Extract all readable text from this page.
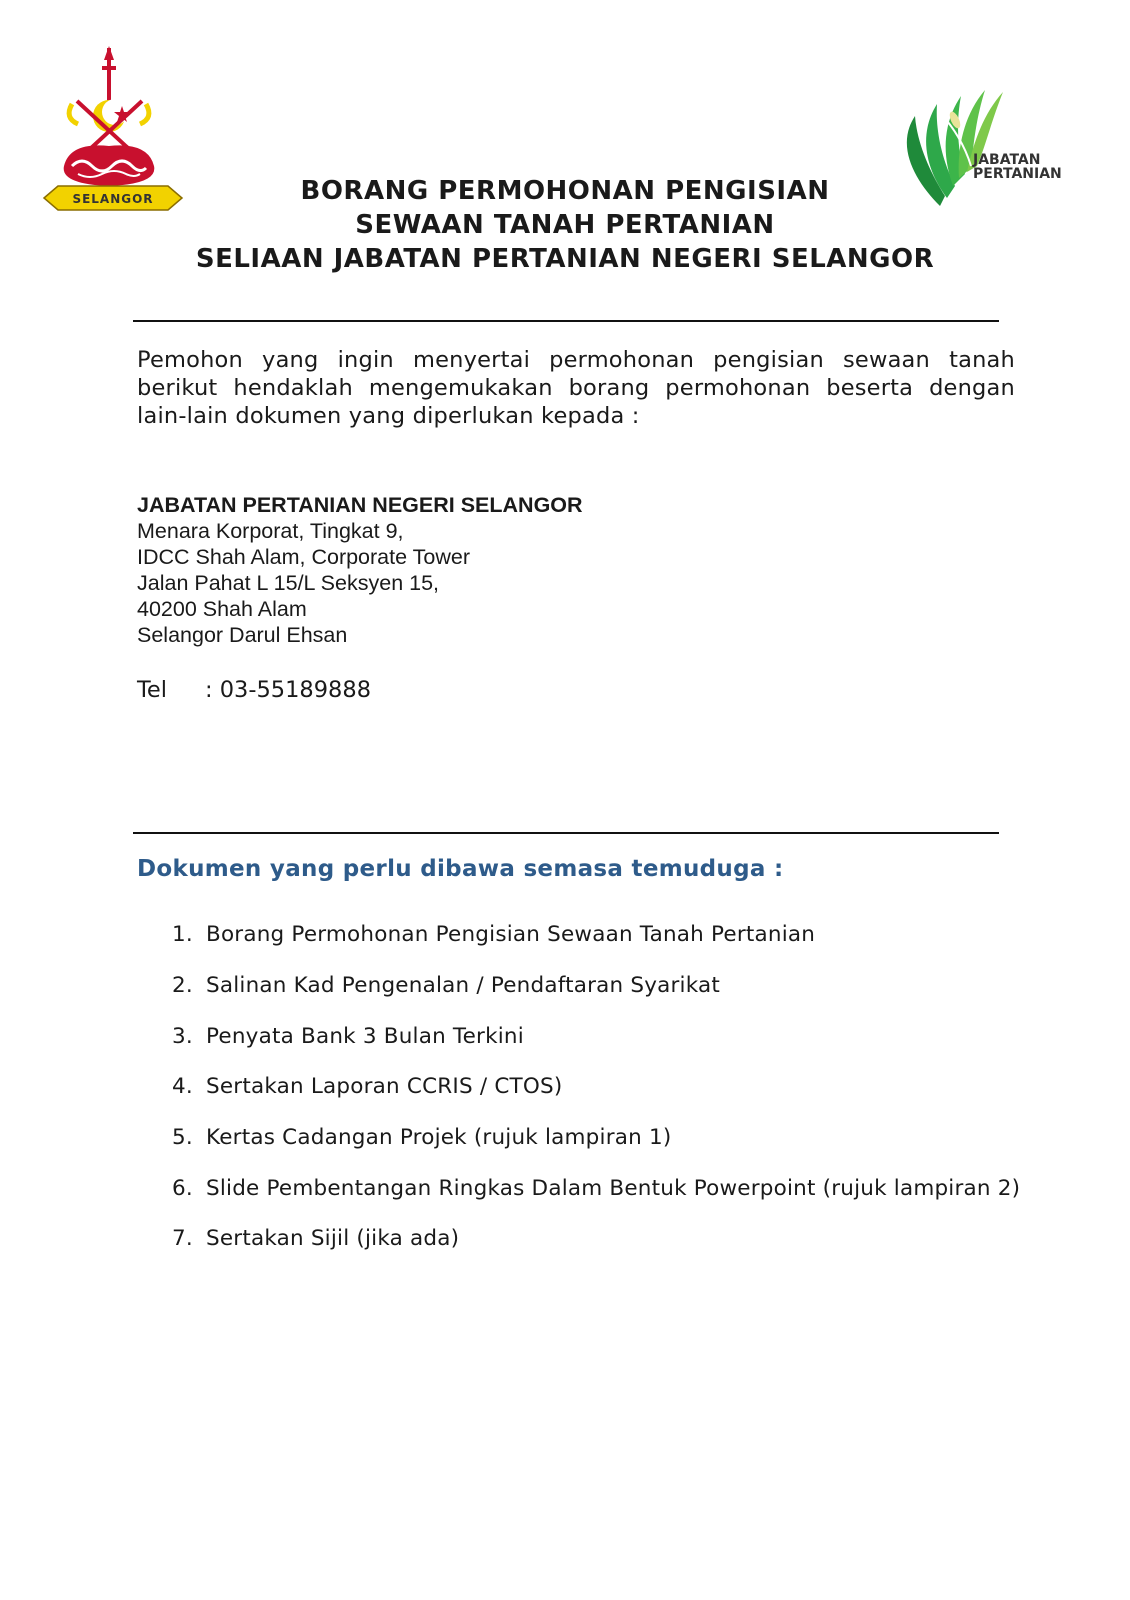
SELANGOR
JABATAN
PERTANIAN
BORANG PERMOHONAN PENGISIAN
SEWAAN TANAH PERTANIAN
SELIAAN JABATAN PERTANIAN NEGERI SELANGOR
Pemohon yang ingin menyertai permohonan pengisian sewaan tanah berikut hendaklah mengemukakan borang permohonan beserta dengan lain-lain dokumen yang diperlukan kepada :
JABATAN PERTANIAN NEGERI SELANGOR
Menara Korporat, Tingkat 9,
IDCC Shah Alam, Corporate Tower
Jalan Pahat L 15/L Seksyen 15,
40200 Shah Alam
Selangor Darul Ehsan
Tel : 03-55189888
Dokumen yang perlu dibawa semasa temuduga :
1. Borang Permohonan Pengisian Sewaan Tanah Pertanian
2. Salinan Kad Pengenalan / Pendaftaran Syarikat
3. Penyata Bank 3 Bulan Terkini
4. Sertakan Laporan CCRIS / CTOS)
5. Kertas Cadangan Projek (rujuk lampiran 1)
6. Slide Pembentangan Ringkas Dalam Bentuk Powerpoint (rujuk lampiran 2)
7. Sertakan Sijil (jika ada)
